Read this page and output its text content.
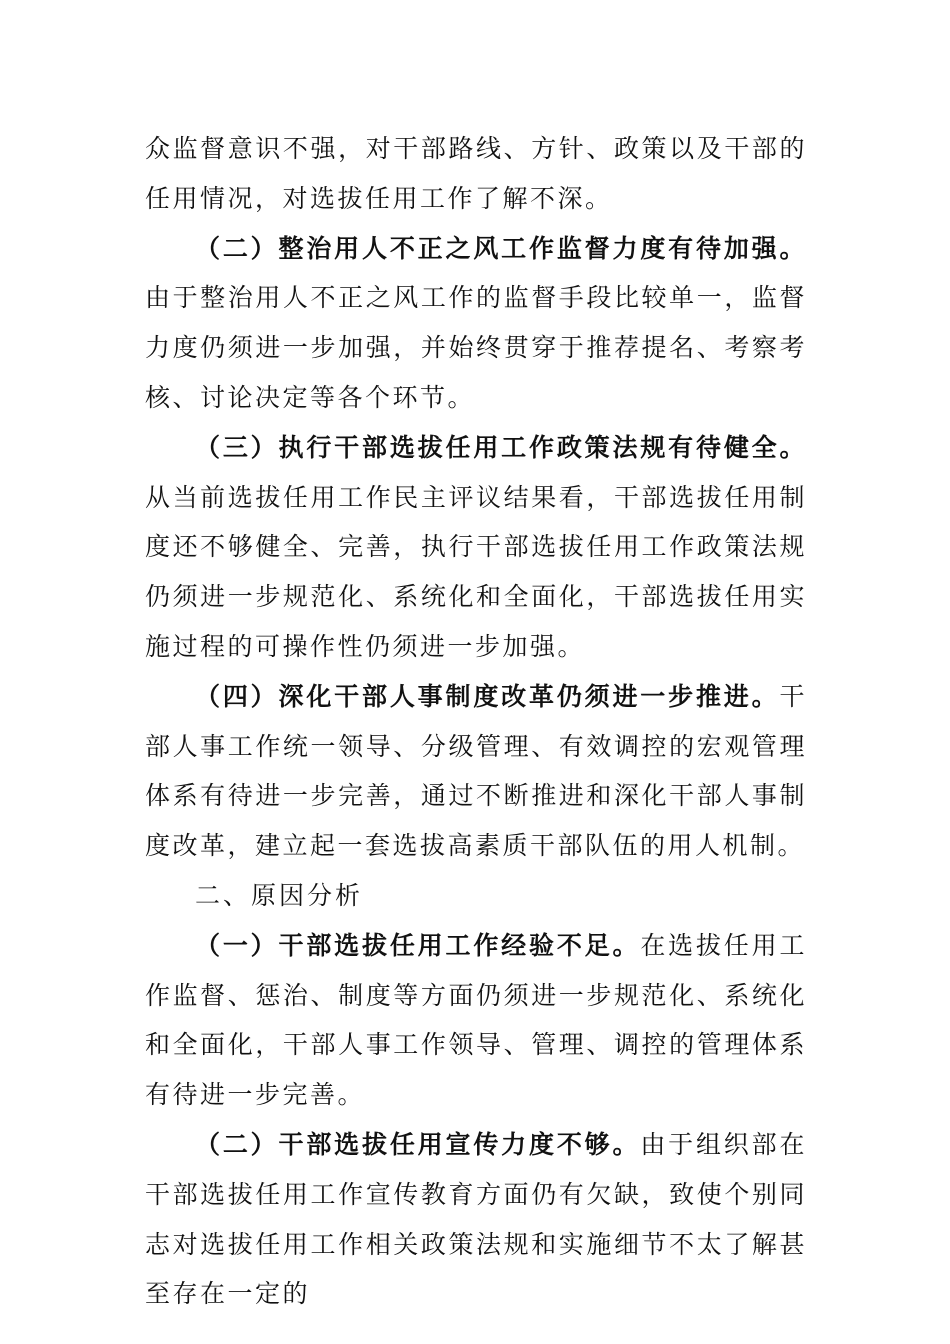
众监督意识不强，对干部路线、方针、政策以及干部的任用情况，对选拔任用工作了解不深。

（二）整治用人不正之风工作监督力度有待加强。由于整治用人不正之风工作的监督手段比较单一，监督力度仍须进一步加强，并始终贯穿于推荐提名、考察考核、讨论决定等各个环节。

（三）执行干部选拔任用工作政策法规有待健全。从当前选拔任用工作民主评议结果看，干部选拔任用制度还不够健全、完善，执行干部选拔任用工作政策法规仍须进一步规范化、系统化和全面化，干部选拔任用实施过程的可操作性仍须进一步加强。

（四）深化干部人事制度改革仍须进一步推进。干部人事工作统一领导、分级管理、有效调控的宏观管理体系有待进一步完善，通过不断推进和深化干部人事制度改革，建立起一套选拔高素质干部队伍的用人机制。

二、原因分析

（一）干部选拔任用工作经验不足。在选拔任用工作监督、惩治、制度等方面仍须进一步规范化、系统化和全面化，干部人事工作领导、管理、调控的管理体系有待进一步完善。

（二）干部选拔任用宣传力度不够。由于组织部在干部选拔任用工作宣传教育方面仍有欠缺，致使个别同志对选拔任用工作相关政策法规和实施细节不太了解甚至存在一定的
